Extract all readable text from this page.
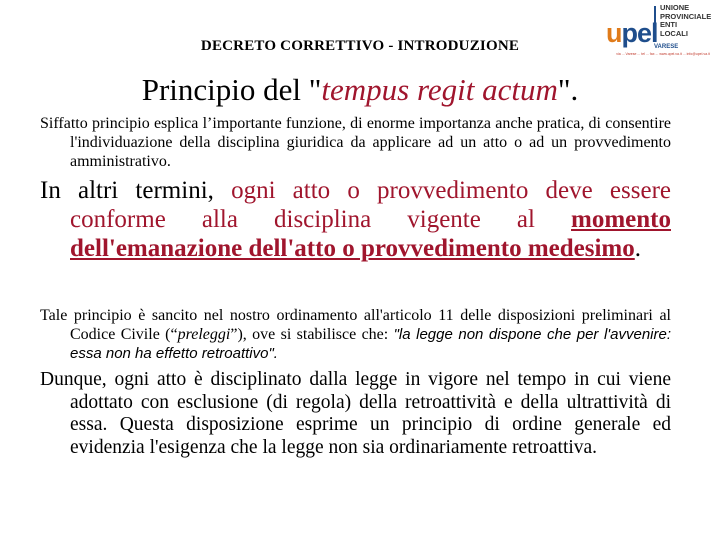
DECRETO CORRETTIVO - INTRODUZIONE	upel
UNIONE
PROVINCIALE
ENTI
LOCALI
VARESE
via ... Varese ... tel ... fax ... www.upel.va.it ... info@upel.va.it
Principio del "tempus regit actum".
Siffatto principio esplica l’importante funzione, di enorme importanza anche pratica, di consentire l'individuazione della disciplina giuridica da applicare ad un atto o ad un provvedimento amministrativo.
In altri termini, ogni atto o provvedimento deve essere conforme alla disciplina vigente al momento dell'emanazione dell'atto o provvedimento medesimo.
Tale principio è sancito nel nostro ordinamento all'articolo 11 delle disposizioni preliminari al Codice Civile (“preleggi”), ove si stabilisce che: "la legge non dispone che per l'avvenire: essa non ha effetto retroattivo".
Dunque, ogni atto è disciplinato dalla legge in vigore nel tempo in cui viene adottato con esclusione (di regola) della retroattività e della ultrattività di essa. Questa disposizione esprime un principio di ordine generale ed evidenzia l'esigenza che la legge non sia ordinariamente retroattiva.
